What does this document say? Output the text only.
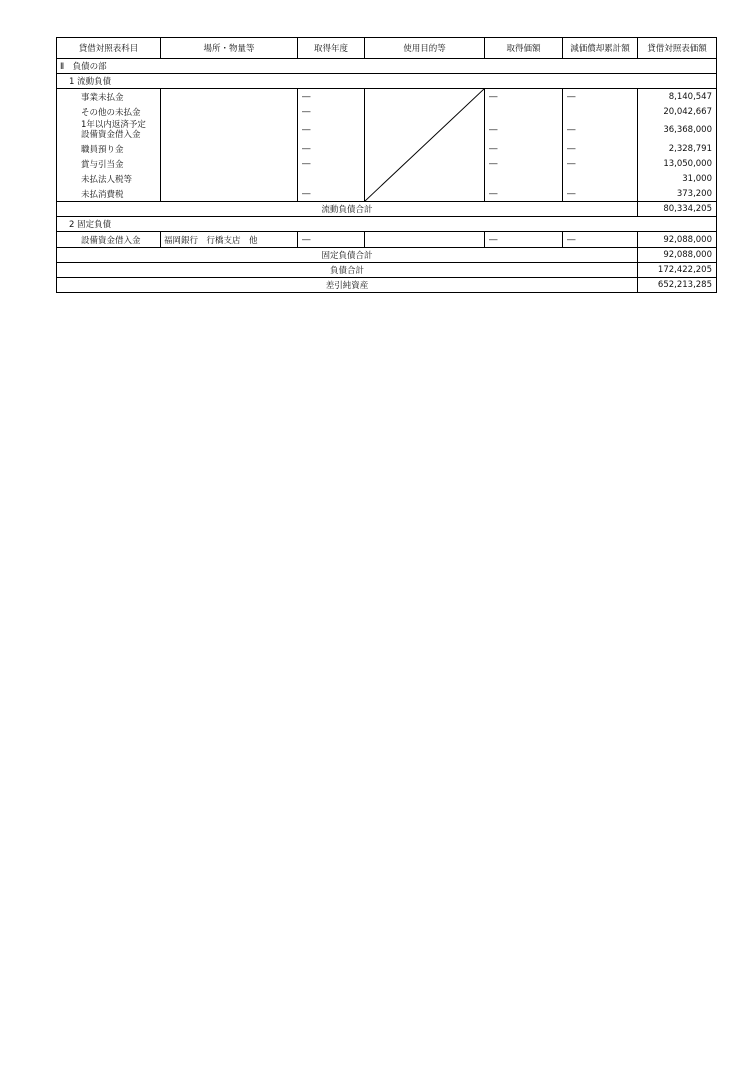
貸借対照表科目	場所・物量等	取得年度	使用目的等	取得価額	減価償却累計額	貸借対照表価額
Ⅱ　負債の部						
1 流動負債						
事業未払金		―		―	―	8,140,547
その他の未払金		―				20,042,667
1年以内返済予定
設備資金借入金		―		―	―	36,368,000
職員預り金		―		―	―	2,328,791
賞与引当金		―		―	―	13,050,000
未払法人税等						31,000
未払消費税		―		―	―	373,200
流動負債合計						80,334,205
2 固定負債						
設備資金借入金	福岡銀行　行橋支店　他	―		―	―	92,088,000
固定負債合計						92,088,000
負債合計						172,422,205
差引純資産						652,213,285
